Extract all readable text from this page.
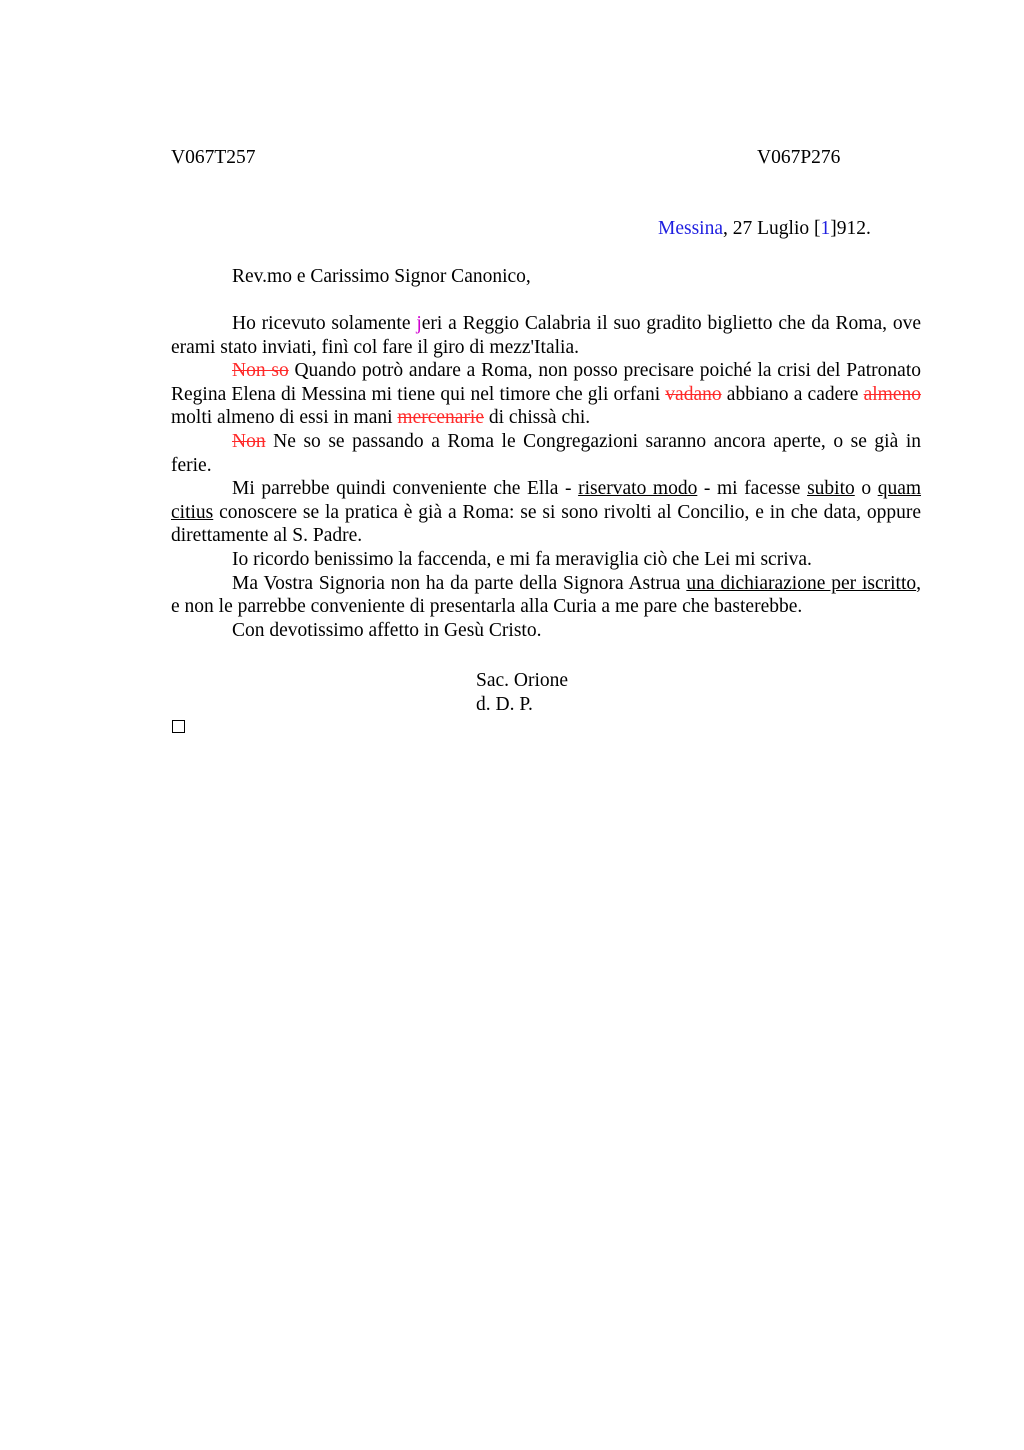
V067T257	V067P276
Messina, 27 Luglio [1]912.
Rev.mo e Carissimo Signor Canonico,

Ho ricevuto solamente jeri a Reggio Calabria il suo gradito biglietto che da Roma, ove erami stato inviati, finì col fare il giro di mezz'Italia.

Non so Quando potrò andare a Roma, non posso precisare poiché la crisi del Patronato Regina Elena di Messina mi tiene qui nel timore che gli orfani vadano abbiano a cadere almeno molti almeno di essi in mani mercenarie di chissà chi.

Non Ne so se passando a Roma le Congregazioni saranno ancora aperte, o se già in ferie.

Mi parrebbe quindi conveniente che Ella - riservato modo - mi facesse subito o quam citius conoscere se la pratica è già a Roma: se si sono rivolti al Concilio, e in che data, oppure direttamente al S. Padre.

Io ricordo benissimo la faccenda, e mi fa meraviglia ciò che Lei mi scriva.

Ma Vostra Signoria non ha da parte della Signora Astrua una dichiarazione per iscritto, e non le parrebbe conveniente di presentarla alla Curia a me pare che basterebbe.

Con devotissimo affetto in Gesù Cristo.

Sac. Orione
d. D. P.
